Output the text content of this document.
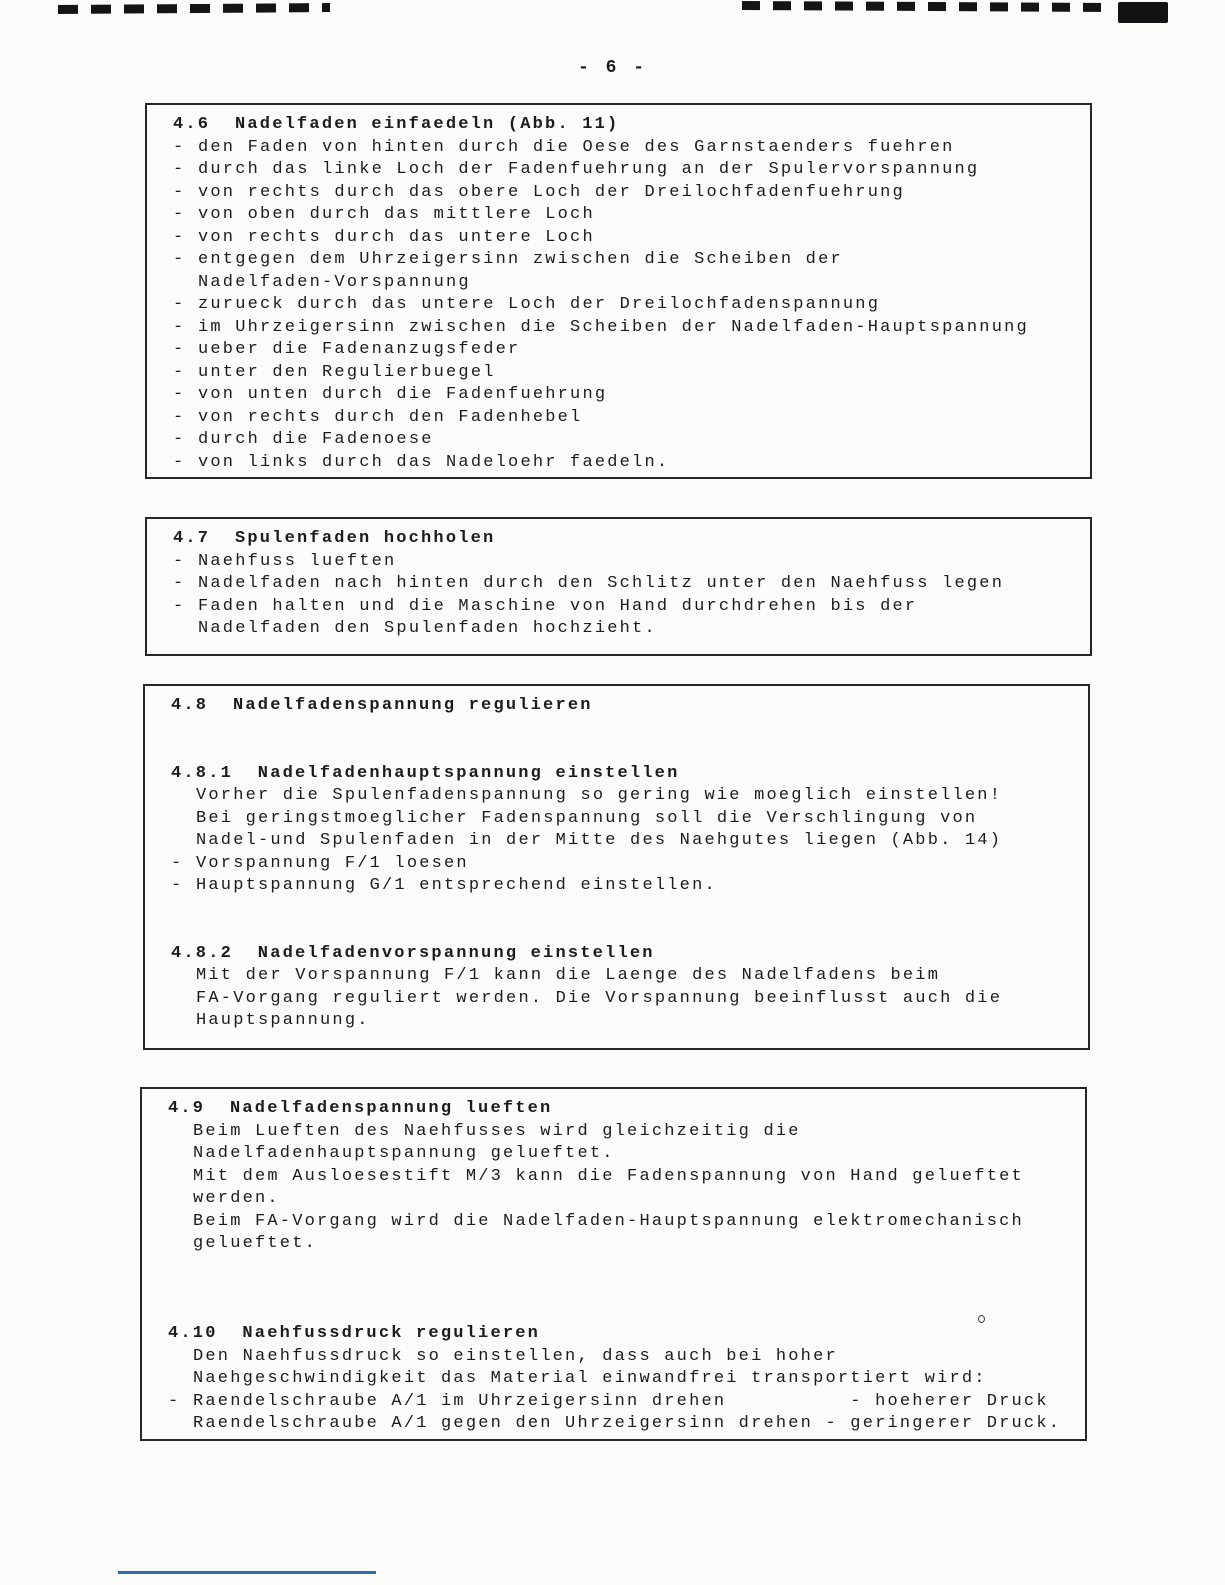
- 6 -
4.6  Nadelfaden einfaedeln (Abb. 11)
- den Faden von hinten durch die Oese des Garnstaenders fuehren
- durch das linke Loch der Fadenfuehrung an der Spulervorspannung
- von rechts durch das obere Loch der Dreilochfadenfuehrung
- von oben durch das mittlere Loch
- von rechts durch das untere Loch
- entgegen dem Uhrzeigersinn zwischen die Scheiben der
Nadelfaden-Vorspannung
- zurueck durch das untere Loch der Dreilochfadenspannung
- im Uhrzeigersinn zwischen die Scheiben der Nadelfaden-Hauptspannung
- ueber die Fadenanzugsfeder
- unter den Regulierbuegel
- von unten durch die Fadenfuehrung
- von rechts durch den Fadenhebel
- durch die Fadenoese
- von links durch das Nadeloehr faedeln.
4.7  Spulenfaden hochholen
- Naehfuss lueften
- Nadelfaden nach hinten durch den Schlitz unter den Naehfuss legen
- Faden halten und die Maschine von Hand durchdrehen bis der
Nadelfaden den Spulenfaden hochzieht.
4.8  Nadelfadenspannung regulieren
4.8.1  Nadelfadenhauptspannung einstellen
Vorher die Spulenfadenspannung so gering wie moeglich einstellen!
Bei geringstmoeglicher Fadenspannung soll die Verschlingung von
Nadel-und Spulenfaden in der Mitte des Naehgutes liegen (Abb. 14)
- Vorspannung F/1 loesen
- Hauptspannung G/1 entsprechend einstellen.
4.8.2  Nadelfadenvorspannung einstellen
Mit der Vorspannung F/1 kann die Laenge des Nadelfadens beim
FA-Vorgang reguliert werden. Die Vorspannung beeinflusst auch die
Hauptspannung.
4.9  Nadelfadenspannung lueften
Beim Lueften des Naehfusses wird gleichzeitig die
Nadelfadenhauptspannung gelueftet.
Mit dem Ausloesestift M/3 kann die Fadenspannung von Hand gelueftet
werden.
Beim FA-Vorgang wird die Nadelfaden-Hauptspannung elektromechanisch
gelueftet.
4.10  Naehfussdruck regulieren
Den Naehfussdruck so einstellen, dass auch bei hoher
Naehgeschwindigkeit das Material einwandfrei transportiert wird:
- Raendelschraube A/1 im Uhrzeigersinn drehen          - hoeherer Druck
Raendelschraube A/1 gegen den Uhrzeigersinn drehen - geringerer Druck.
